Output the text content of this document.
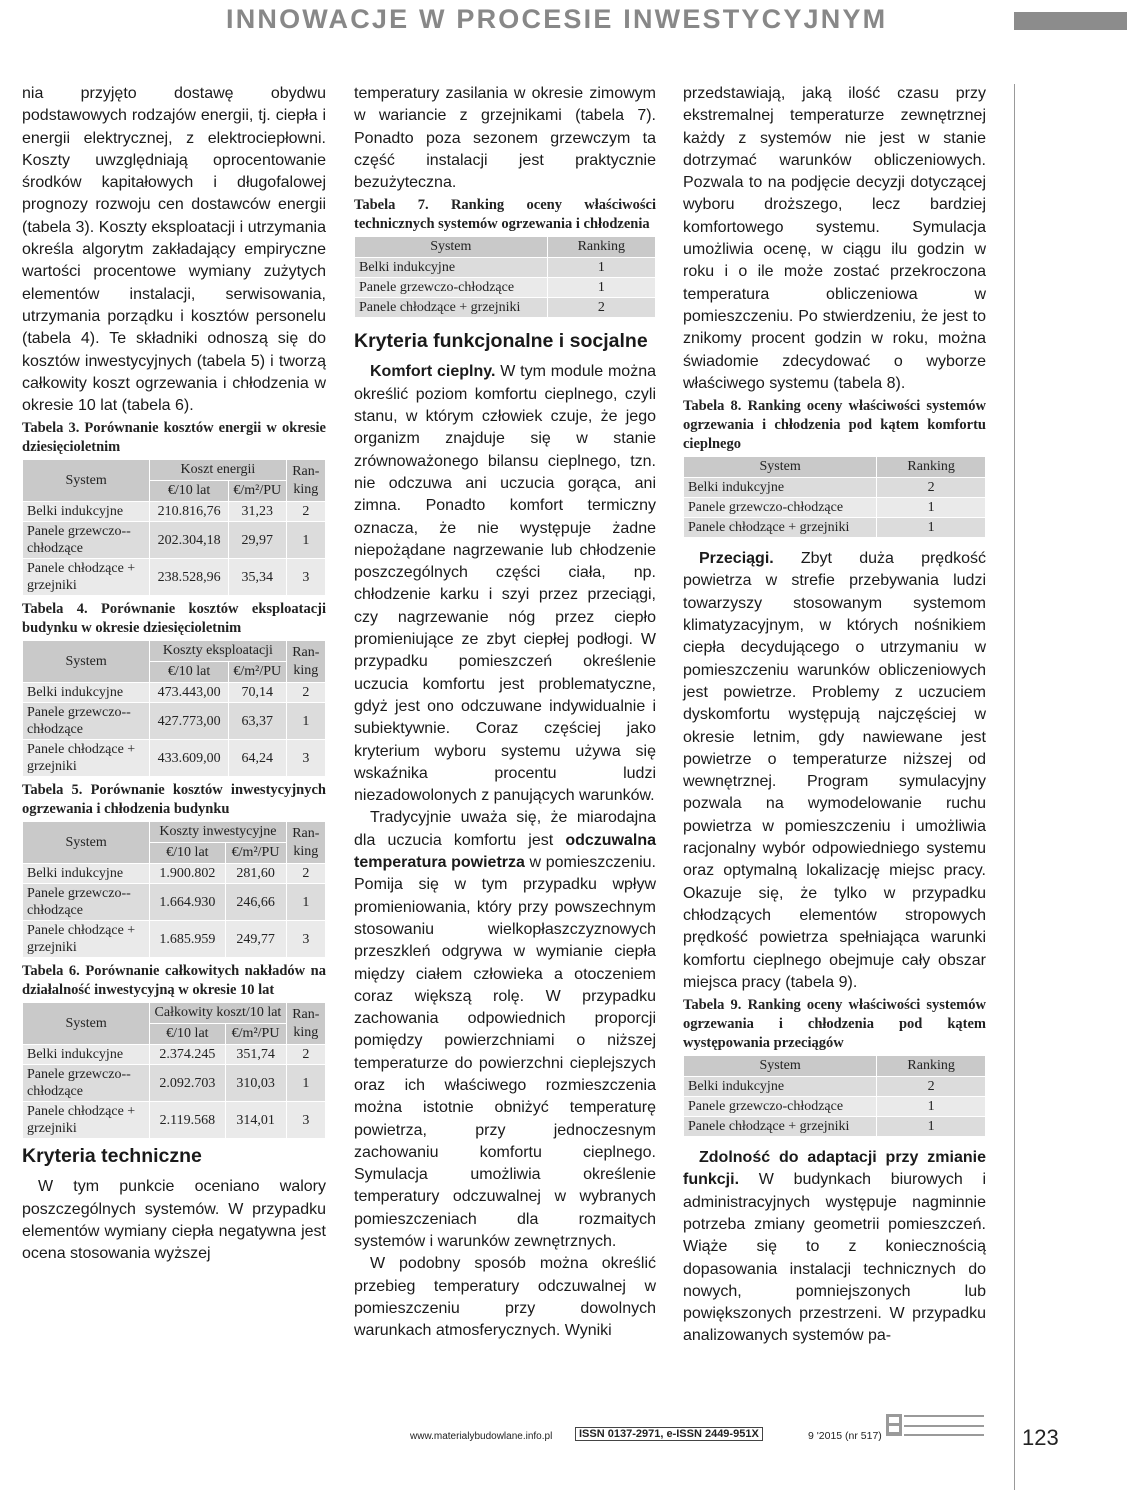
INNOWACJE W PROCESIE INWESTYCYJNYM

nia przyjęto dostawę obydwu podstawowych rodzajów energii, tj. ciepła i energii elektrycznej, z elektrociepłowni. Koszty uwzględniają oprocentowanie środków kapitałowych i długofalowej prognozy rozwoju cen dostawców energii (tabela 3). Koszty eksploatacji i utrzymania określa algorytm zakładający empiryczne wartości procentowe wymiany zużytych elementów instalacji, serwisowania, utrzymania porządku i kosztów personelu (tabela 4). Te składniki odnoszą się do kosztów inwestycyjnych (tabela 5) i tworzą całkowity koszt ogrzewania i chłodzenia w okresie 10 lat (tabela 6).

Tabela 3. Porównanie kosztów energii w okresie dziesięcioletnim
System	Koszt energii		Ran-king
	€/10 lat	€/m²/PU	
Belki indukcyjne	210.816,76	31,23	2
Panele grzewczo--chłodzące	202.304,18	29,97	1
Panele chłodzące + grzejniki	238.528,96	35,34	3
Tabela 4. Porównanie kosztów eksploatacji budynku w okresie dziesięcioletnim
System	Koszty eksploatacji		Ran-king
	€/10 lat	€/m²/PU	
Belki indukcyjne	473.443,00	70,14	2
Panele grzewczo--chłodzące	427.773,00	63,37	1
Panele chłodzące + grzejniki	433.609,00	64,24	3
Tabela 5. Porównanie kosztów inwestycyjnych ogrzewania i chłodzenia budynku
System	Koszty inwestycyjne		Ran-king
	€/10 lat	€/m²/PU	
Belki indukcyjne	1.900.802	281,60	2
Panele grzewczo--chłodzące	1.664.930	246,66	1
Panele chłodzące + grzejniki	1.685.959	249,77	3
Tabela 6. Porównanie całkowitych nakładów na działalność inwestycyjną w okresie 10 lat
System	Całkowity koszt/10 lat		Ran-king
	€/10 lat	€/m²/PU	
Belki indukcyjne	2.374.245	351,74	2
Panele grzewczo--chłodzące	2.092.703	310,03	1
Panele chłodzące + grzejniki	2.119.568	314,01	3
Kryteria techniczne

W tym punkcie oceniano walory poszczególnych systemów. W przypadku elementów wymiany ciepła negatywna jest ocena stosowania wyższej

temperatury zasilania w okresie zimowym w wariancie z grzejnikami (tabela 7). Ponadto poza sezonem grzewczym ta część instalacji jest praktycznie bezużyteczna.

Tabela 7. Ranking oceny właściwości technicznych systemów ogrzewania i chłodzenia
System	Ranking
Belki indukcyjne	1
Panele grzewczo-chłodzące	1
Panele chłodzące + grzejniki	2
Kryteria funkcjonalne i socjalne

Komfort cieplny. W tym module można określić poziom komfortu cieplnego, czyli stanu, w którym człowiek czuje, że jego organizm znajduje się w stanie zrównoważonego bilansu cieplnego, tzn. nie odczuwa ani uczucia gorąca, ani zimna. Ponadto komfort termiczny oznacza, że nie występuje żadne niepożądane nagrzewanie lub chłodzenie poszczególnych części ciała, np. chłodzenie karku i szyi przez przeciągi, czy nagrzewanie nóg przez ciepło promieniujące ze zbyt ciepłej podłogi. W przypadku pomieszczeń określenie uczucia komfortu jest problematyczne, gdyż jest ono odczuwane indywidualnie i subiektywnie. Coraz częściej jako kryterium wyboru systemu używa się wskaźnika procentu ludzi niezadowolonych z panujących warunków.

Tradycyjnie uważa się, że miarodajna dla uczucia komfortu jest odczuwalna temperatura powietrza w pomieszczeniu. Pomija się w tym przypadku wpływ promieniowania, który przy powszechnym stosowaniu wielkopłaszczyznowych przeszkleń odgrywa w wymianie ciepła między ciałem człowieka a otoczeniem coraz większą rolę. W przypadku zachowania odpowiednich proporcji pomiędzy powierzchniami o niższej temperaturze do powierzchni cieplejszych oraz ich właściwego rozmieszczenia można istotnie obniżyć temperaturę powietrza, przy jednoczesnym zachowaniu komfortu cieplnego. Symulacja umożliwia określenie temperatury odczuwalnej w wybranych pomieszczeniach dla rozmaitych systemów i warunków zewnętrznych.

W podobny sposób można określić przebieg temperatury odczuwalnej w pomieszczeniu przy dowolnych warunkach atmosferycznych. Wyniki

przedstawiają, jaką ilość czasu przy ekstremalnej temperaturze zewnętrznej każdy z systemów nie jest w stanie dotrzymać warunków obliczeniowych. Pozwala to na podjęcie decyzji dotyczącej wyboru droższego, lecz bardziej komfortowego systemu. Symulacja umożliwia ocenę, w ciągu ilu godzin w roku i o ile może zostać przekroczona temperatura obliczeniowa w pomieszczeniu. Po stwierdzeniu, że jest to znikomy procent godzin w roku, można świadomie zdecydować o wyborze właściwego systemu (tabela 8).

Tabela 8. Ranking oceny właściwości systemów ogrzewania i chłodzenia pod kątem komfortu cieplnego
System	Ranking
Belki indukcyjne	2
Panele grzewczo-chłodzące	1
Panele chłodzące + grzejniki	1

Przeciągi. Zbyt duża prędkość powietrza w strefie przebywania ludzi towarzyszy stosowanym systemom klimatyzacyjnym, w których nośnikiem ciepła decydującego o utrzymaniu w pomieszczeniu warunków obliczeniowych jest powietrze. Problemy z uczuciem dyskomfortu występują najczęściej w okresie letnim, gdy nawiewane jest powietrze o temperaturze niższej od wewnętrznej. Program symulacyjny pozwala na wymodelowanie ruchu powietrza w pomieszczeniu i umożliwia racjonalny wybór odpowiedniego systemu oraz optymalną lokalizację miejsc pracy. Okazuje się, że tylko w przypadku chłodzących elementów stropowych prędkość powietrza spełniająca warunki komfortu cieplnego obejmuje cały obszar miejsca pracy (tabela 9).

Tabela 9. Ranking oceny właściwości systemów ogrzewania i chłodzenia pod kątem występowania przeciągów
System	Ranking
Belki indukcyjne	2
Panele grzewczo-chłodzące	1
Panele chłodzące + grzejniki	1

Zdolność do adaptacji przy zmianie funkcji. W budynkach biurowych i administracyjnych występuje nagminnie potrzeba zmiany geometrii pomieszczeń. Wiąże się to z koniecznością dopasowania instalacji technicznych do nowych, pomniejszonych lub powiększonych przestrzeni. W przypadku analizowanych systemów pa-

www.materialybudowlane.info.pl	ISSN 0137-2971, e-ISSN 2449-951X	9 '2015 (nr 517)	123
